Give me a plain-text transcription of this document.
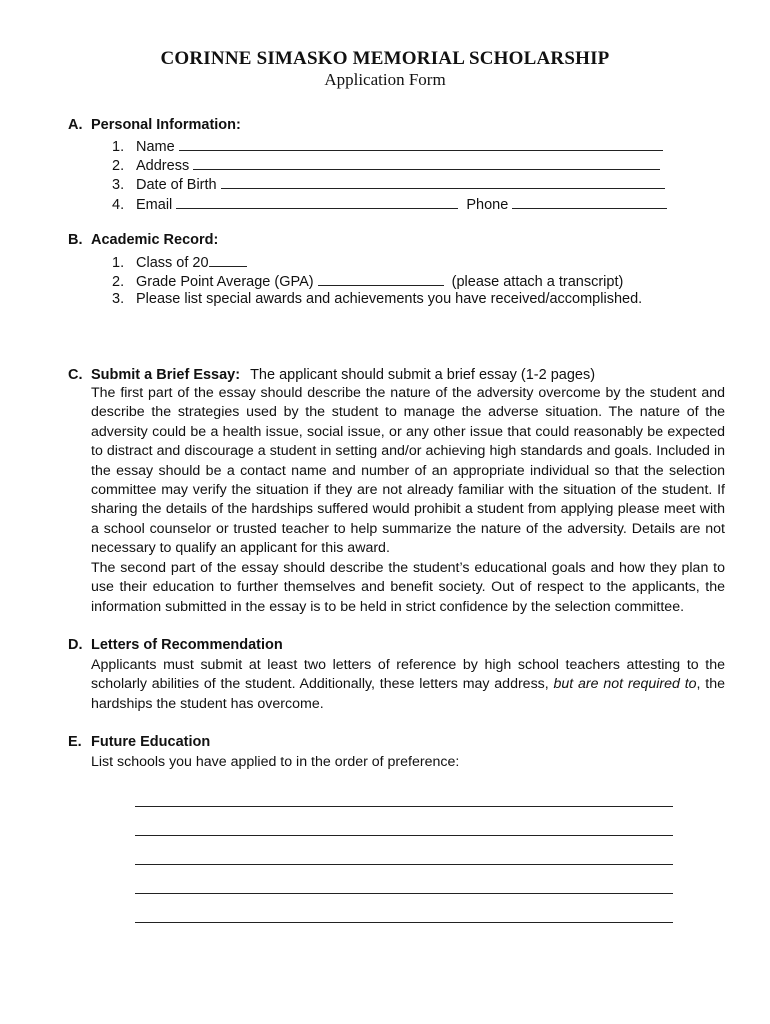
CORINNE SIMASKO MEMORIAL SCHOLARSHIP
Application Form
A. Personal Information:
1. Name
2. Address
3. Date of Birth
4. Email	Phone
B. Academic Record:
1. Class of 20
2. Grade Point Average (GPA)	(please attach a transcript)
3. Please list special awards and achievements you have received/accomplished.
C. Submit a Brief Essay: The applicant should submit a brief essay (1-2 pages)

The first part of the essay should describe the nature of the adversity overcome by the student and describe the strategies used by the student to manage the adverse situation. The nature of the adversity could be a health issue, social issue, or any other issue that could reasonably be expected to distract and discourage a student in setting and/or achieving high standards and goals. Included in the essay should be a contact name and number of an appropriate individual so that the selection committee may verify the situation if they are not already familiar with the situation of the student. If sharing the details of the hardships suffered would prohibit a student from applying please meet with a school counselor or trusted teacher to help summarize the nature of the adversity. Details are not necessary to qualify an applicant for this award.

The second part of the essay should describe the student’s educational goals and how they plan to use their education to further themselves and benefit society. Out of respect to the applicants, the information submitted in the essay is to be held in strict confidence by the selection committee.

D. Letters of Recommendation

Applicants must submit at least two letters of reference by high school teachers attesting to the scholarly abilities of the student. Additionally, these letters may address, but are not required to, the hardships the student has overcome.

E. Future Education

List schools you have applied to in the order of preference:
